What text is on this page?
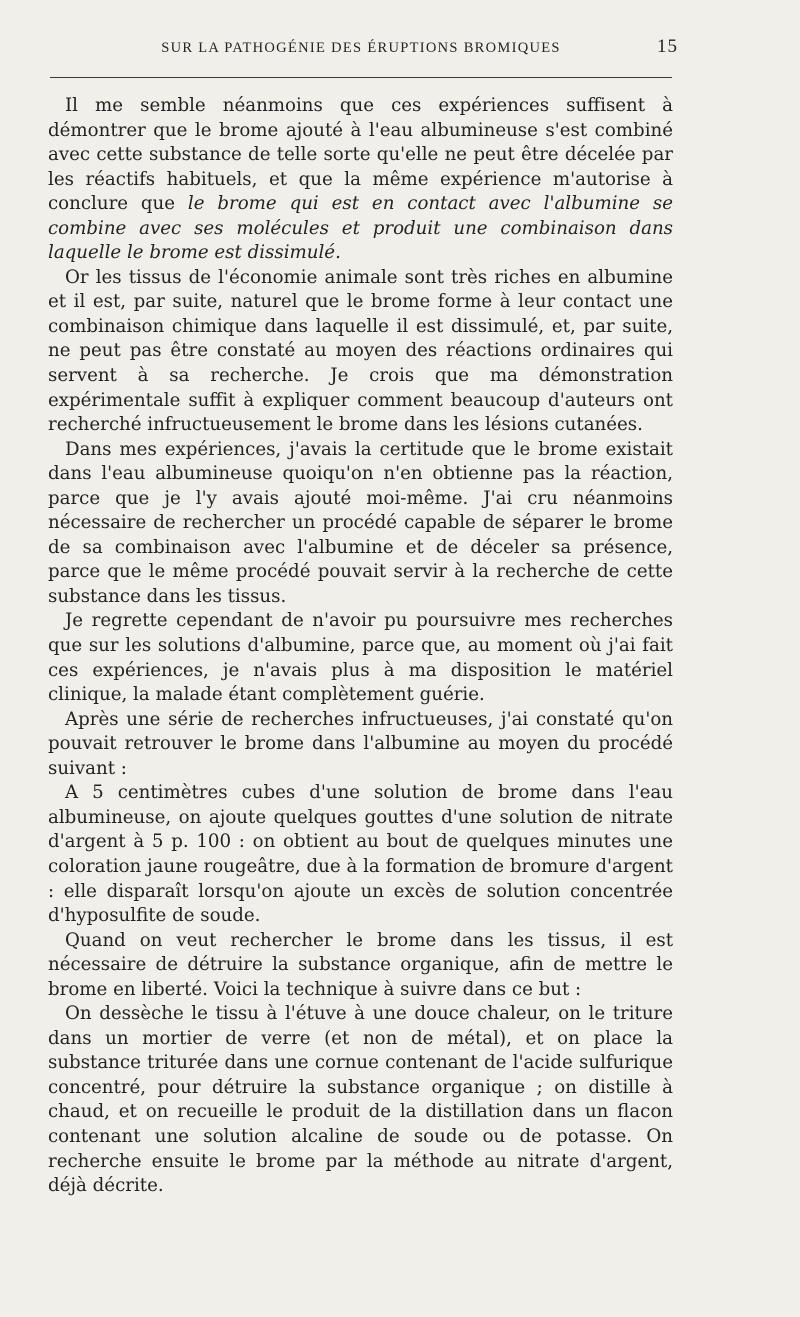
SUR LA PATHOGÉNIE DES ÉRUPTIONS BROMIQUES	15

Il me semble néanmoins que ces expériences suffisent à démontrer que le brome ajouté à l'eau albumineuse s'est combiné avec cette substance de telle sorte qu'elle ne peut être décelée par les réactifs habituels, et que la même expérience m'autorise à conclure que le brome qui est en contact avec l'albumine se combine avec ses molécules et produit une combinaison dans laquelle le brome est dissimulé.

Or les tissus de l'économie animale sont très riches en albumine et il est, par suite, naturel que le brome forme à leur contact une combinaison chimique dans laquelle il est dissimulé, et, par suite, ne peut pas être constaté au moyen des réactions ordinaires qui servent à sa recherche. Je crois que ma démonstration expérimentale suffit à expliquer comment beaucoup d'auteurs ont recherché infructueusement le brome dans les lésions cutanées.

Dans mes expériences, j'avais la certitude que le brome existait dans l'eau albumineuse quoiqu'on n'en obtienne pas la réaction, parce que je l'y avais ajouté moi-même. J'ai cru néanmoins nécessaire de rechercher un procédé capable de séparer le brome de sa combinaison avec l'albumine et de déceler sa présence, parce que le même procédé pouvait servir à la recherche de cette substance dans les tissus.

Je regrette cependant de n'avoir pu poursuivre mes recherches que sur les solutions d'albumine, parce que, au moment où j'ai fait ces expériences, je n'avais plus à ma disposition le matériel clinique, la malade étant complètement guérie.

Après une série de recherches infructueuses, j'ai constaté qu'on pouvait retrouver le brome dans l'albumine au moyen du procédé suivant :

A 5 centimètres cubes d'une solution de brome dans l'eau albumineuse, on ajoute quelques gouttes d'une solution de nitrate d'argent à 5 p. 100 : on obtient au bout de quelques minutes une coloration jaune rougeâtre, due à la formation de bromure d'argent : elle disparaît lorsqu'on ajoute un excès de solution concentrée d'hyposulfite de soude.

Quand on veut rechercher le brome dans les tissus, il est nécessaire de détruire la substance organique, afin de mettre le brome en liberté. Voici la technique à suivre dans ce but :

On dessèche le tissu à l'étuve à une douce chaleur, on le triture dans un mortier de verre (et non de métal), et on place la substance triturée dans une cornue contenant de l'acide sulfurique concentré, pour détruire la substance organique ; on distille à chaud, et on recueille le produit de la distillation dans un flacon contenant une solution alcaline de soude ou de potasse. On recherche ensuite le brome par la méthode au nitrate d'argent, déjà décrite.
